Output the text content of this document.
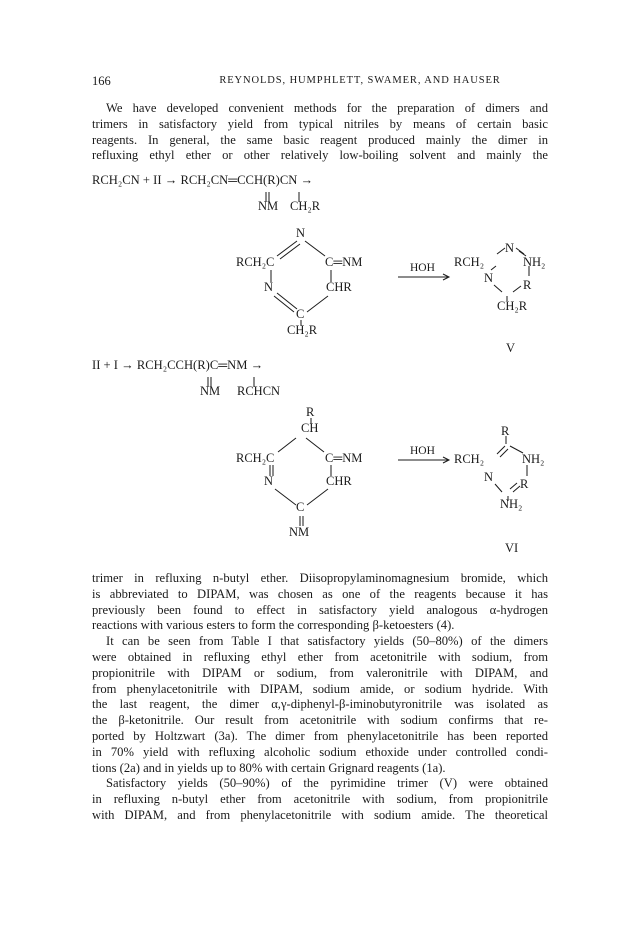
166	REYNOLDS, HUMPHLETT, SWAMER, AND HAUSER

We have developed convenient methods for the preparation of dimers and
trimers in satisfactory yield from typical nitriles by means of certain basic
reagents. In general, the same basic reagent produced mainly the dimer in
refluxing ethyl ether or other relatively low-boiling solvent and mainly the

RCH₂CN + II → RCH₂CN═CCH(R)CN →
NM CH₂R
N
RCH₂C	C═NM
N	CHR
C
CH₂R
HOH RCH₂
N
NH₂
N R
CH₂R
V
II + I → RCH₂CCH(R)C═NM →
NM RCHCN
R
CH
RCH₂C	C═NM
N	CHR
C
NM
HOH
R
RCH₂	NH₂
N R
NH₂
VI

trimer in refluxing n-butyl ether. Diisopropylaminomagnesium bromide, which
is abbreviated to DIPAM, was chosen as one of the reagents because it has
previously been found to effect in satisfactory yield analogous α-hydrogen
reactions with various esters to form the corresponding β-ketoesters (4).
It can be seen from Table I that satisfactory yields (50–80%) of the dimers
were obtained in refluxing ethyl ether from acetonitrile with sodium, from
propionitrile with DIPAM or sodium, from valeronitrile with DIPAM, and
from phenylacetonitrile with DIPAM, sodium amide, or sodium hydride. With
the last reagent, the dimer α,γ-diphenyl-β-iminobutyronitrile was isolated as
the β-ketonitrile. Our result from acetonitrile with sodium confirms that re-
ported by Holtzwart (3a). The dimer from phenylacetonitrile has been reported
in 70% yield with refluxing alcoholic sodium ethoxide under controlled condi-
tions (2a) and in yields up to 80% with certain Grignard reagents (1a).
Satisfactory yields (50–90%) of the pyrimidine trimer (V) were obtained
in refluxing n-butyl ether from acetonitrile with sodium, from propionitrile
with DIPAM, and from phenylacetonitrile with sodium amide. The theoretical
